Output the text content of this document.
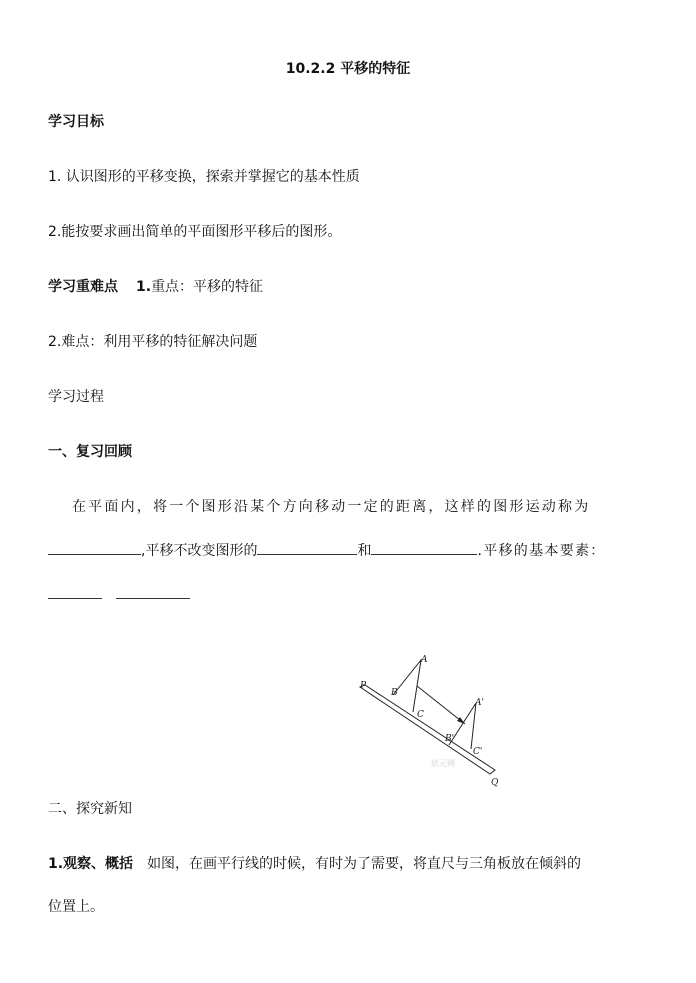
10.2.2 平移的特征
学习目标
1. 认识图形的平移变换，探索并掌握它的基本性质
2.能按要求画出简单的平面图形平移后的图形。
学习重难点 1.重点：平移的特征
2.难点：利用平移的特征解决问题
学习过程
一、复习回顾
在平面内，将一个图形沿某个方向移动一定的距离，这样的图形运动称为
,平移不改变图形的	和	.平移的基本要素：
A
B
C
A'
B'
C'
P
Q
状元网
二、探究新知
1.观察、概括 如图，在画平行线的时候，有时为了需要，将直尺与三角板放在倾斜的
位置上。
